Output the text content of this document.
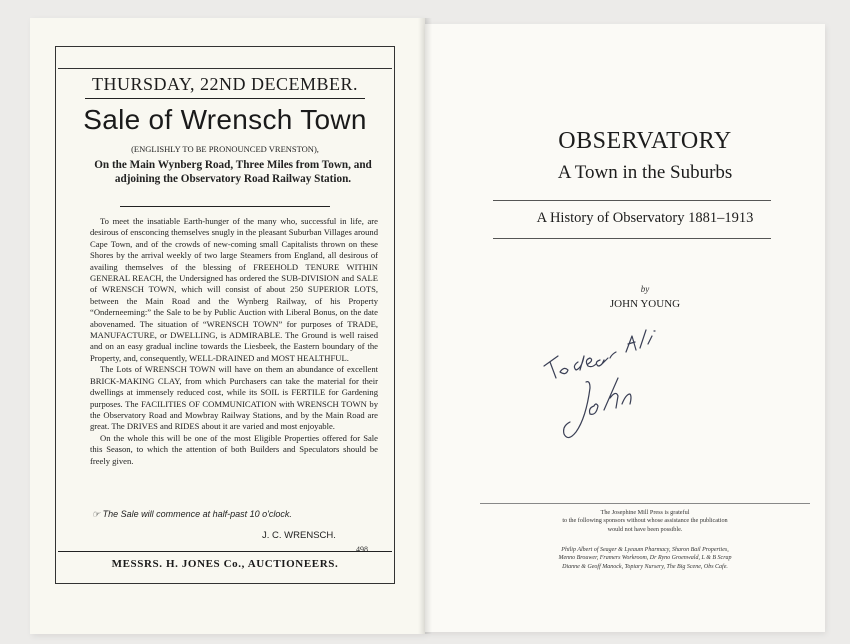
THURSDAY, 22ND DECEMBER.
Sale of Wrensch Town
(ENGLISHLY TO BE PRONOUNCED VRENSTON),
On the Main Wynberg Road, Three Miles from Town, and adjoining the Observatory Road Railway Station.

To meet the insatiable Earth-hunger of the many who, successful in life, are desirous of ensconcing themselves snugly in the pleasant Suburban Villages around Cape Town, and of the crowds of new-coming small Capitalists thrown on these Shores by the arrival weekly of two large Steamers from England, all desirous of availing themselves of the blessing of FREEHOLD TENURE WITHIN GENERAL REACH, the Undersigned has ordered the SUB-DIVISION and SALE of WRENSCH TOWN, which will consist of about 250 SUPERIOR LOTS, between the Main Road and the Wynberg Railway, of his Property “Onderneeming:” the Sale to be by Public Auction with Liberal Bonus, on the date abovenamed. The situation of “WRENSCH TOWN” for purposes of TRADE, MANUFACTURE, or DWELLING, is ADMIRABLE. The Ground is well raised and on an easy gradual incline towards the Liesbeek, the Eastern boundary of the Property, and, consequently, WELL-DRAINED and MOST HEALTHFUL.

The Lots of WRENSCH TOWN will have on them an abundance of excellent BRICK-MAKING CLAY, from which Purchasers can take the material for their dwellings at immensely reduced cost, while its SOIL is FERTILE for Gardening purposes. The FACILITIES OF COMMUNICATION with WRENSCH TOWN by the Observatory Road and Mowbray Railway Stations, and by the Main Road are great. The DRIVES and RIDES about it are varied and most enjoyable.

On the whole this will be one of the most Eligible Properties offered for Sale this Season, to which the attention of both Builders and Speculators should be freely given.

☞ The Sale will commence at half-past 10 o'clock.
J. C. WRENSCH.
498
MESSRS. H. JONES Co., AUCTIONEERS.
OBSERVATORY
A Town in the Suburbs
A History of Observatory 1881–1913
by
JOHN YOUNG
The Josephine Mill Press is grateful
to the following sponsors without whose assistance the publication
would not have been possible.
Philip Albert of Seager & Lyeaum Pharmacy, Sharon Bail Properties,
Menno Brouwer, Framers Workroom, Dr Ryno Groenwald, L & B Scrap
Dianne & Geoff Manock, Topiary Nursery, The Big Scene, Obs Cafe.
